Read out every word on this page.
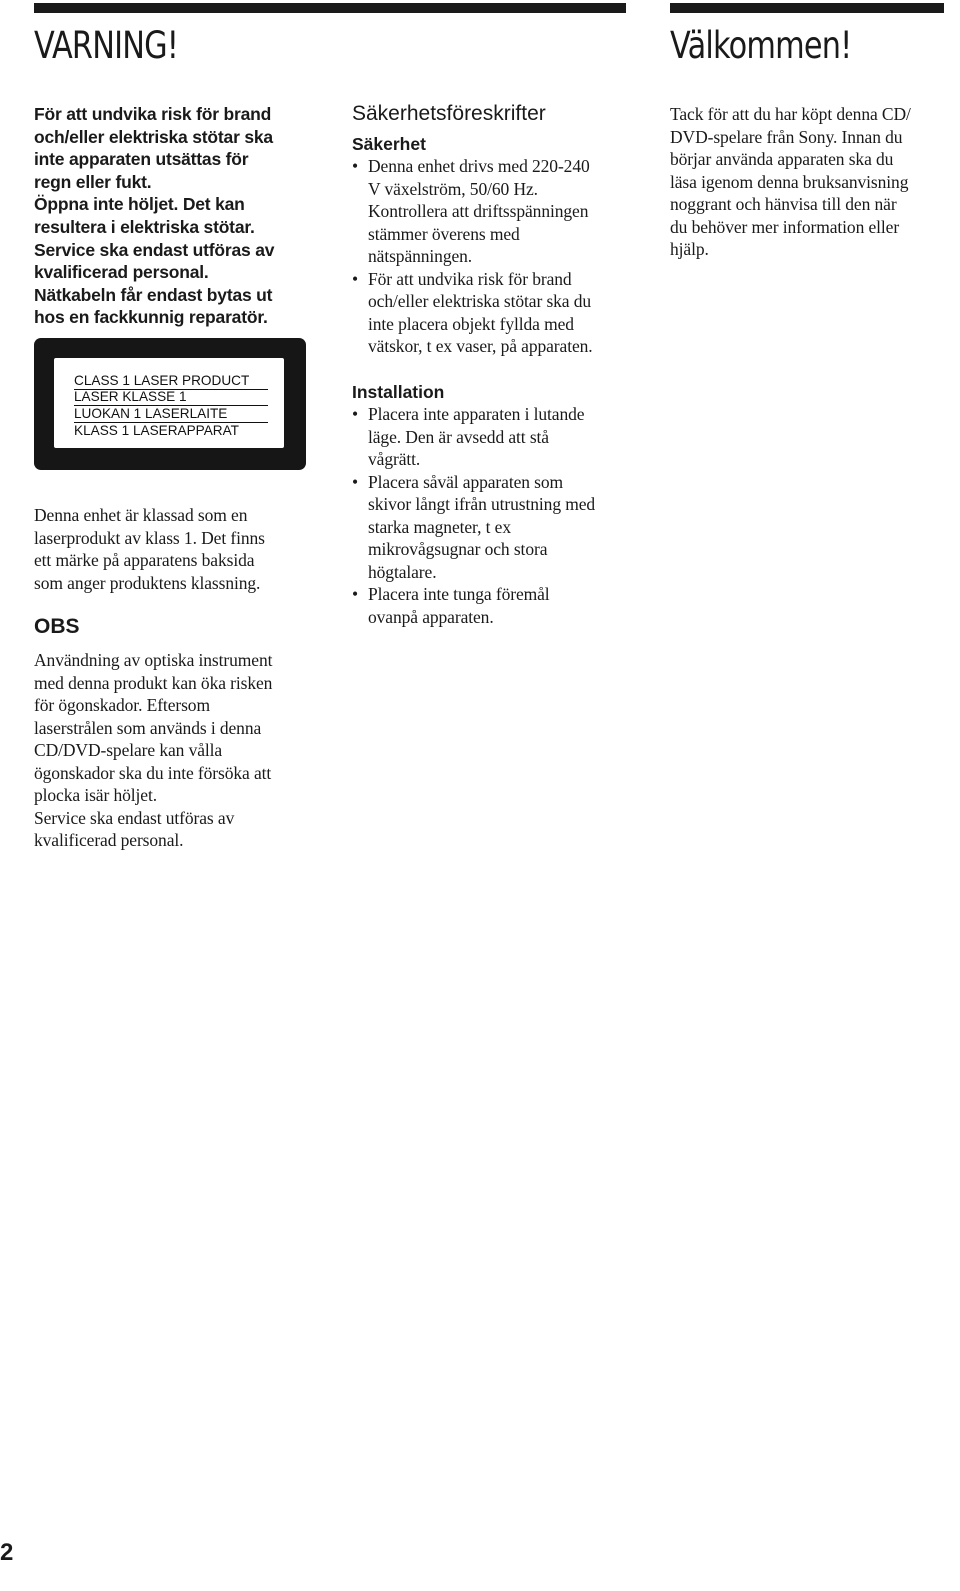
VARNING!	Välkommen!

För att undvika risk för brand
och/eller elektriska stötar ska
inte apparaten utsättas för
regn eller fukt.
Öppna inte höljet. Det kan
resultera i elektriska stötar.
Service ska endast utföras av
kvalificerad personal.
Nätkabeln får endast bytas ut
hos en fackkunnig reparatör.

CLASS 1 LASER PRODUCT
LASER KLASSE 1
LUOKAN 1 LASERLAITE
KLASS 1 LASERAPPARAT

Denna enhet är klassad som en
laserprodukt av klass 1. Det finns
ett märke på apparatens baksida
som anger produktens klassning.

OBS

Användning av optiska instrument
med denna produkt kan öka risken
för ögonskador. Eftersom
laserstrålen som används i denna
CD/DVD-spelare kan vålla
ögonskador ska du inte försöka att
plocka isär höljet.
Service ska endast utföras av
kvalificerad personal.

Säkerhetsföreskrifter
Säkerhet
• Denna enhet drivs med 220-240
V växelström, 50/60 Hz.
Kontrollera att driftsspänningen
stämmer överens med
nätspänningen.
• För att undvika risk för brand
och/eller elektriska stötar ska du
inte placera objekt fyllda med
vätskor, t ex vaser, på apparaten.
Installation
• Placera inte apparaten i lutande
läge. Den är avsedd att stå
vågrätt.
• Placera såväl apparaten som
skivor långt ifrån utrustning med
starka magneter, t ex
mikrovågsugnar och stora
högtalare.
• Placera inte tunga föremål
ovanpå apparaten.

Tack för att du har köpt denna CD/
DVD-spelare från Sony. Innan du
börjar använda apparaten ska du
läsa igenom denna bruksanvisning
noggrant och hänvisa till den när
du behöver mer information eller
hjälp.

2
